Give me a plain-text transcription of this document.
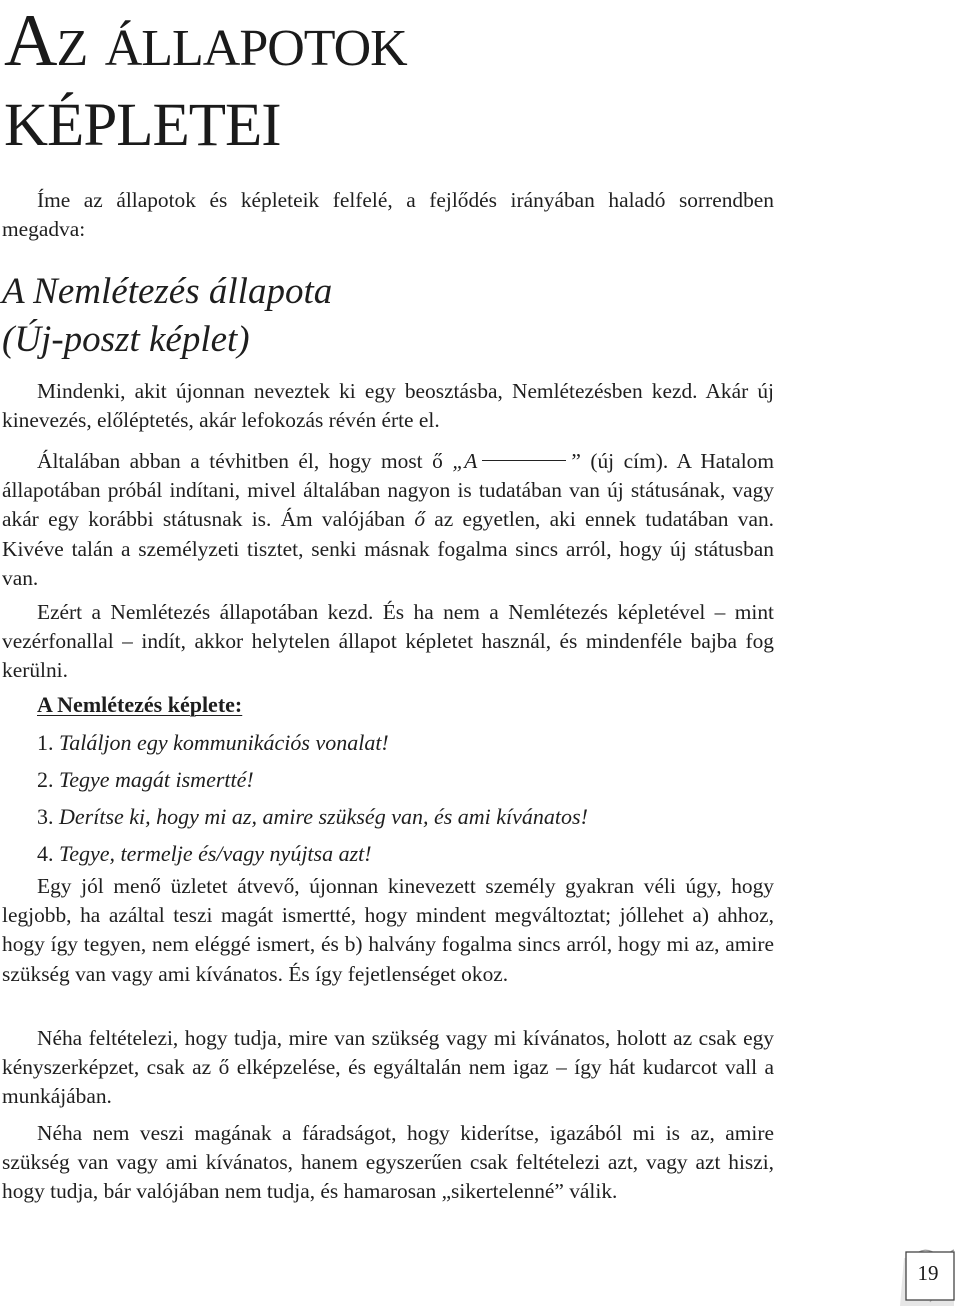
Az állapotok
KÉPLETEI

Íme az állapotok és képleteik felfelé, a fejlődés irányában haladó sorrendben megadva:

A Nemlétezés állapota
(Új-poszt képlet)

Mindenki, akit újonnan neveztek ki egy beosztásba, Nemlétezésben kezd. Akár új kinevezés, előléptetés, akár lefokozás révén érte el.

Általában abban a tévhitben él, hogy most ő „A	” (új cím). A Hatalom állapotában próbál indítani, mivel általában nagyon is tudatában van új státusának, vagy akár egy korábbi státusnak is. Ám valójában ő az egyetlen, aki ennek tudatában van. Kivéve talán a személyzeti tisztet, senki másnak fogalma sincs arról, hogy új státusban van.

Ezért a Nemlétezés állapotában kezd. És ha nem a Nemlétezés képletével – mint vezérfonallal – indít, akkor helytelen állapot képletet használ, és mindenféle bajba fog kerülni.

A Nemlétezés képlete:
1. Találjon egy kommunikációs vonalat!
2. Tegye magát ismertté!
3. Derítse ki, hogy mi az, amire szükség van, és ami kívánatos!
4. Tegye, termelje és/vagy nyújtsa azt!

Egy jól menő üzletet átvevő, újonnan kinevezett személy gyakran véli úgy, hogy legjobb, ha azáltal teszi magát ismertté, hogy mindent megváltoztat; jóllehet a) ahhoz, hogy így tegyen, nem eléggé ismert, és b) halvány fogalma sincs arról, hogy mi az, amire szükség van vagy ami kívánatos. És így fejetlenséget okoz.

Néha feltételezi, hogy tudja, mire van szükség vagy mi kívánatos, holott az csak egy kényszerképzet, csak az ő elképzelése, és egyáltalán nem igaz – így hát kudarcot vall a munkájában.

Néha nem veszi magának a fáradságot, hogy kiderítse, igazából mi is az, amire szükség van vagy ami kívánatos, hanem egyszerűen csak feltételezi azt, vagy azt hiszi, hogy tudja, bár valójában nem tudja, és hamarosan „sikertelenné” válik.

19
